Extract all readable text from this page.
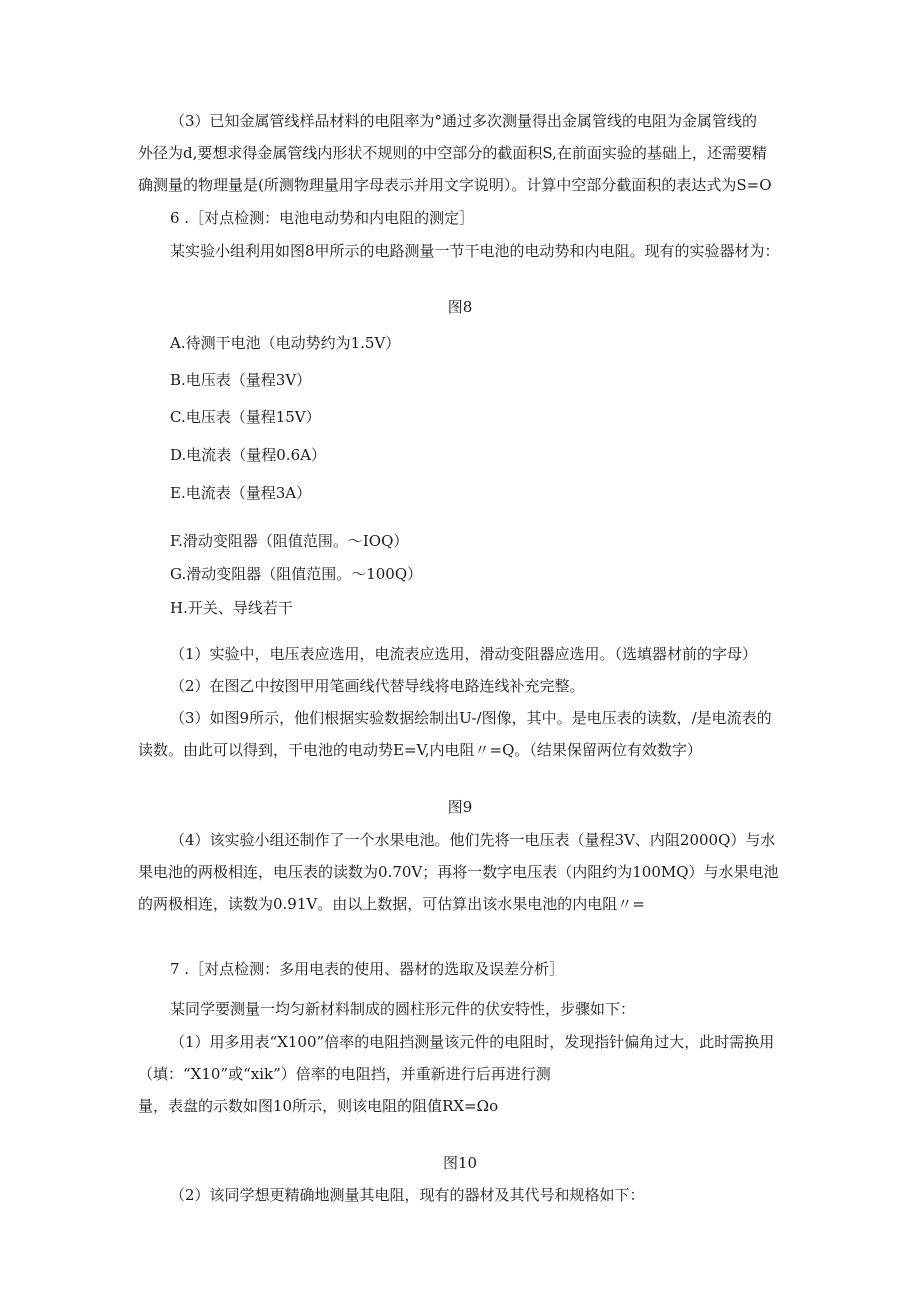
（3）已知金属管线样品材料的电阻率为°通过多次测量得出金属管线的电阻为金属管线的
外径为d,要想求得金属管线内形状不规则的中空部分的截面积S,在前面实验的基础上，还需要精
确测量的物理量是(所测物理量用字母表示并用文字说明）。计算中空部分截面积的表达式为S=O
6 .［对点检测：电池电动势和内电阻的测定］
某实验小组利用如图8甲所示的电路测量一节干电池的电动势和内电阻。现有的实验器材为：
图8
A.待测干电池（电动势约为1.5V）
B.电压表（量程3V）
C.电压表（量程15V）
D.电流表（量程0.6A）
E.电流表（量程3A）
F.滑动变阻器（阻值范围。～IOQ）
G.滑动变阻器（阻值范围。～100Q）
H.开关、导线若干
（1）实验中，电压表应选用，电流表应选用，滑动变阻器应选用。（选填器材前的字母）
（2）在图乙中按图甲用笔画线代替导线将电路连线补充完整。
（3）如图9所示，他们根据实验数据绘制出U-/图像，其中。是电压表的读数，/是电流表的
读数。由此可以得到，干电池的电动势E=V,内电阻〃=Q。（结果保留两位有效数字）
图9
（4）该实验小组还制作了一个水果电池。他们先将一电压表（量程3V、内阻2000Q）与水
果电池的两极相连，电压表的读数为0.70V；再将一数字电压表（内阻约为100MQ）与水果电池
的两极相连，读数为0.91V。由以上数据，可估算出该水果电池的内电阻〃=
7 .［对点检测：多用电表的使用、器材的选取及误差分析］
某同学要测量一均匀新材料制成的圆柱形元件的伏安特性，步骤如下：
（1）用多用表“X100”倍率的电阻挡测量该元件的电阻时，发现指针偏角过大，此时需换用
（填：“X10”或“xik”）倍率的电阻挡，并重新进行后再进行测
量，表盘的示数如图10所示，则该电阻的阻值RX=Ωo
图10
（2）该同学想更精确地测量其电阻，现有的器材及其代号和规格如下：
